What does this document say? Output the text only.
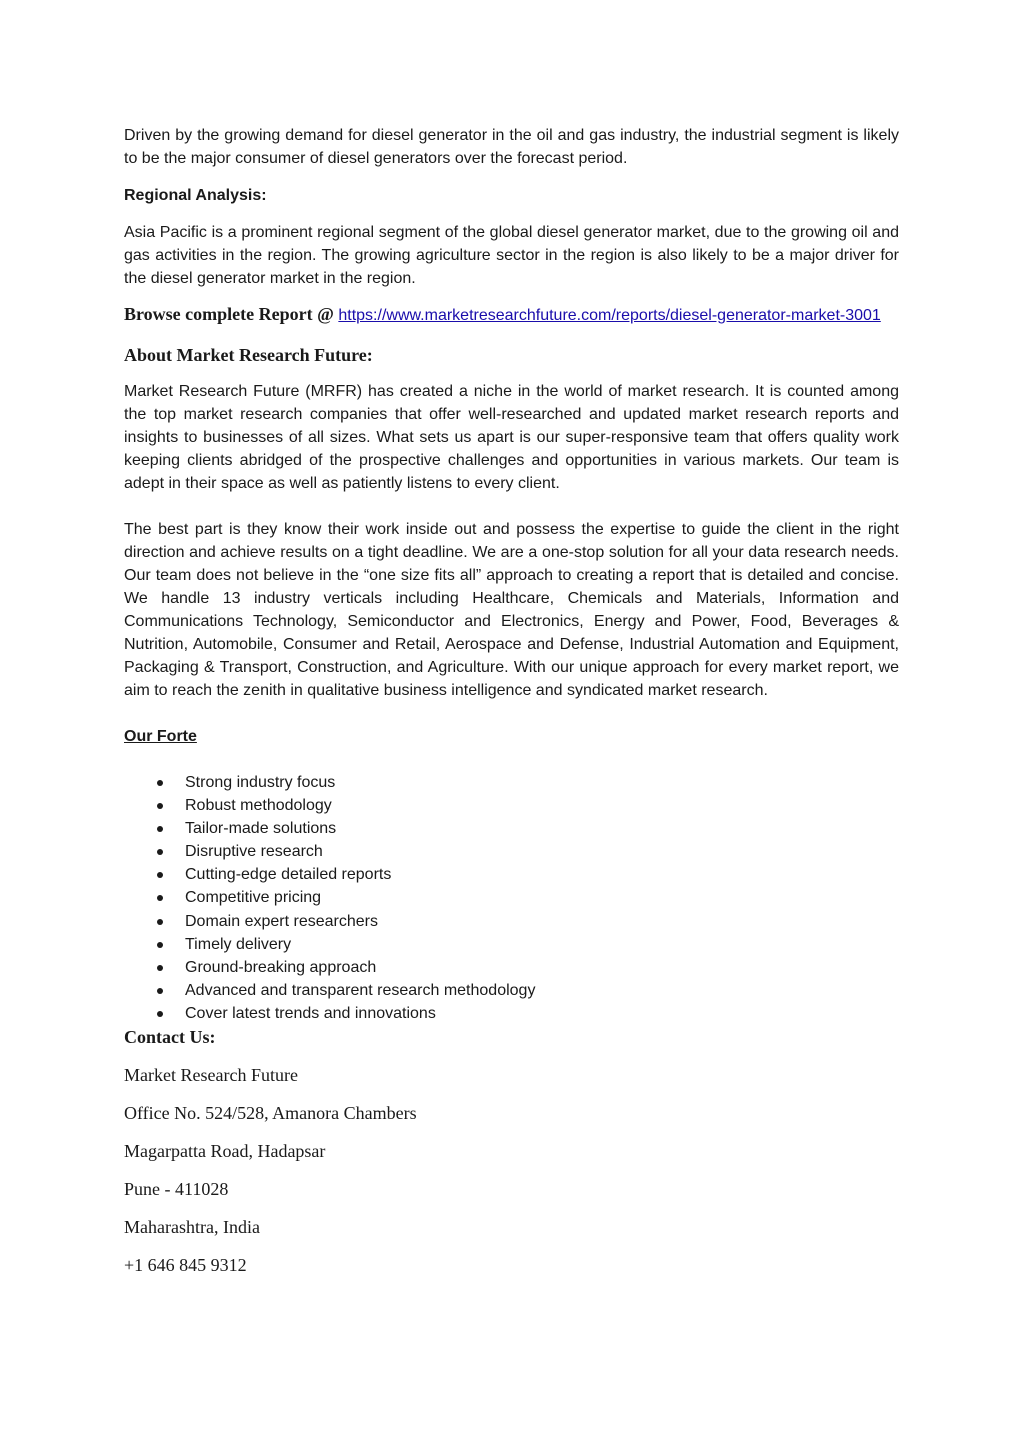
Driven by the growing demand for diesel generator in the oil and gas industry, the industrial segment is likely to be the major consumer of diesel generators over the forecast period.

Regional Analysis:

Asia Pacific is a prominent regional segment of the global diesel generator market, due to the growing oil and gas activities in the region. The growing agriculture sector in the region is also likely to be a major driver for the diesel generator market in the region.

Browse complete Report @ https://www.marketresearchfuture.com/reports/diesel-generator-market-3001

About Market Research Future:

Market Research Future (MRFR) has created a niche in the world of market research. It is counted among the top market research companies that offer well-researched and updated market research reports and insights to businesses of all sizes. What sets us apart is our super-responsive team that offers quality work keeping clients abridged of the prospective challenges and opportunities in various markets. Our team is adept in their space as well as patiently listens to every client.

The best part is they know their work inside out and possess the expertise to guide the client in the right direction and achieve results on a tight deadline. We are a one-stop solution for all your data research needs. Our team does not believe in the “one size fits all” approach to creating a report that is detailed and concise. We handle 13 industry verticals including Healthcare, Chemicals and Materials, Information and Communications Technology, Semiconductor and Electronics, Energy and Power, Food, Beverages & Nutrition, Automobile, Consumer and Retail, Aerospace and Defense, Industrial Automation and Equipment, Packaging & Transport, Construction, and Agriculture. With our unique approach for every market report, we aim to reach the zenith in qualitative business intelligence and syndicated market research.

Our Forte

Strong industry focus
Robust methodology
Tailor-made solutions
Disruptive research
Cutting-edge detailed reports
Competitive pricing
Domain expert researchers
Timely delivery
Ground-breaking approach
Advanced and transparent research methodology
Cover latest trends and innovations

Contact Us:

Market Research Future

Office No. 524/528, Amanora Chambers

Magarpatta Road, Hadapsar

Pune - 411028

Maharashtra, India

+1 646 845 9312
